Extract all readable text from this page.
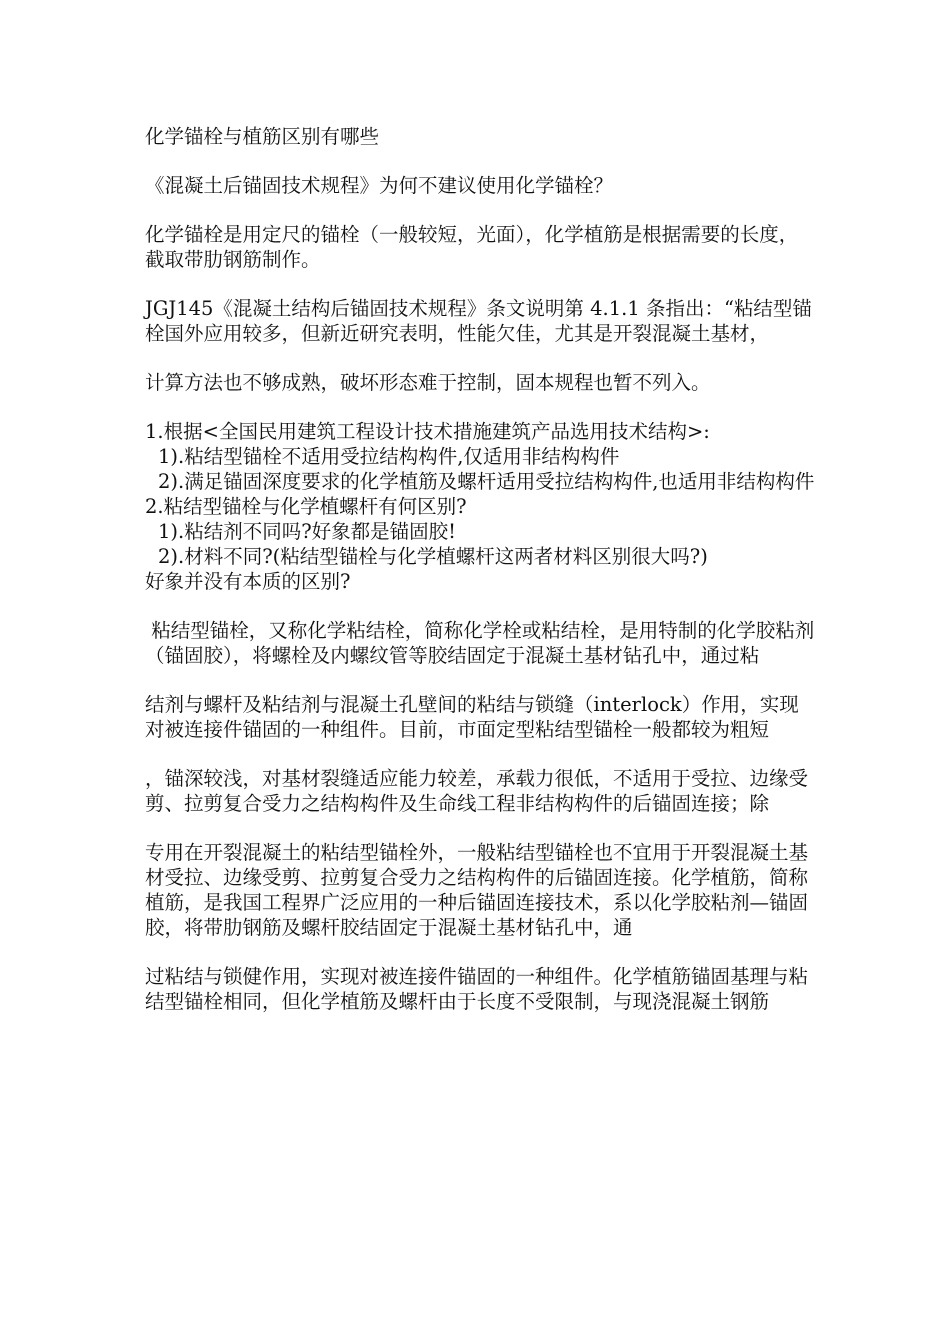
化学锚栓与植筋区别有哪些

《混凝土后锚固技术规程》为何不建议使用化学锚栓？

化学锚栓是用定尺的锚栓（一般较短，光面），化学植筋是根据需要的长度，截取带肋钢筋制作。

JGJ145《混凝土结构后锚固技术规程》条文说明第 4.1.1 条指出：“粘结型锚栓国外应用较多，但新近研究表明，性能欠佳，尤其是开裂混凝土基材，

计算方法也不够成熟，破坏形态难于控制，固本规程也暂不列入。

1.根据<全国民用建筑工程设计技术措施建筑产品选用技术结构>:
1).粘结型锚栓不适用受拉结构构件,仅适用非结构构件
2).满足锚固深度要求的化学植筋及螺杆适用受拉结构构件,也适用非结构构件
2.粘结型锚栓与化学植螺杆有何区别?
1).粘结剂不同吗?好象都是锚固胶!
2).材料不同?(粘结型锚栓与化学植螺杆这两者材料区别很大吗?)
好象并没有本质的区别?

粘结型锚栓，又称化学粘结栓，简称化学栓或粘结栓，是用特制的化学胶粘剂（锚固胶），将螺栓及内螺纹管等胶结固定于混凝土基材钻孔中，通过粘

结剂与螺杆及粘结剂与混凝土孔壁间的粘结与锁缝（interlock）作用，实现对被连接件锚固的一种组件。目前，市面定型粘结型锚栓一般都较为粗短

，锚深较浅，对基材裂缝适应能力较差，承载力很低，不适用于受拉、边缘受剪、拉剪复合受力之结构构件及生命线工程非结构构件的后锚固连接；除

专用在开裂混凝土的粘结型锚栓外，一般粘结型锚栓也不宜用于开裂混凝土基材受拉、边缘受剪、拉剪复合受力之结构构件的后锚固连接。化学植筋，简称植筋，是我国工程界广泛应用的一种后锚固连接技术，系以化学胶粘剂—锚固胶，将带肋钢筋及螺杆胶结固定于混凝土基材钻孔中，通

过粘结与锁健作用，实现对被连接件锚固的一种组件。化学植筋锚固基理与粘结型锚栓相同，但化学植筋及螺杆由于长度不受限制，与现浇混凝土钢筋
